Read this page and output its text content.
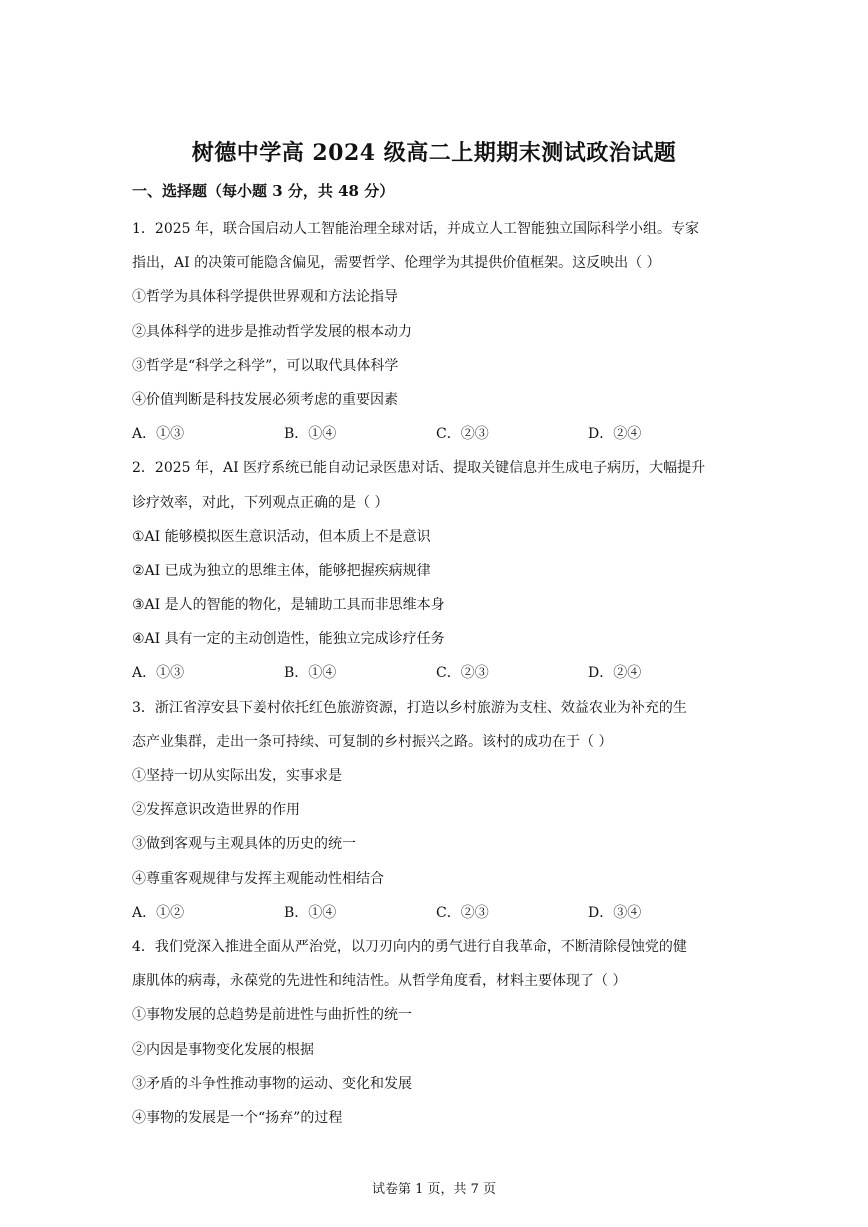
树德中学高 2024 级高二上期期末测试政治试题
一、选择题（每小题 3 分，共 48 分）
1．2025 年，联合国启动人工智能治理全球对话，并成立人工智能独立国际科学小组。专家
指出，AI 的决策可能隐含偏见，需要哲学、伦理学为其提供价值框架。这反映出（ ）
①哲学为具体科学提供世界观和方法论指导
②具体科学的进步是推动哲学发展的根本动力
③哲学是“科学之科学”，可以取代具体科学
④价值判断是科技发展必须考虑的重要因素
A．①③	B．①④	C．②③	D．②④
2．2025 年，AI 医疗系统已能自动记录医患对话、提取关键信息并生成电子病历，大幅提升
诊疗效率，对此，下列观点正确的是（ ）
①AI 能够模拟医生意识活动，但本质上不是意识
②AI 已成为独立的思维主体，能够把握疾病规律
③AI 是人的智能的物化，是辅助工具而非思维本身
④AI 具有一定的主动创造性，能独立完成诊疗任务
A．①③	B．①④	C．②③	D．②④
3．浙江省淳安县下姜村依托红色旅游资源，打造以乡村旅游为支柱、效益农业为补充的生
态产业集群，走出一条可持续、可复制的乡村振兴之路。该村的成功在于（ ）
①坚持一切从实际出发，实事求是
②发挥意识改造世界的作用
③做到客观与主观具体的历史的统一
④尊重客观规律与发挥主观能动性相结合
A．①②	B．①④	C．②③	D．③④
4．我们党深入推进全面从严治党，以刀刃向内的勇气进行自我革命，不断清除侵蚀党的健
康肌体的病毒，永葆党的先进性和纯洁性。从哲学角度看，材料主要体现了（ ）
①事物发展的总趋势是前进性与曲折性的统一
②内因是事物变化发展的根据
③矛盾的斗争性推动事物的运动、变化和发展
④事物的发展是一个“扬弃”的过程
试卷第 1 页，共 7 页
